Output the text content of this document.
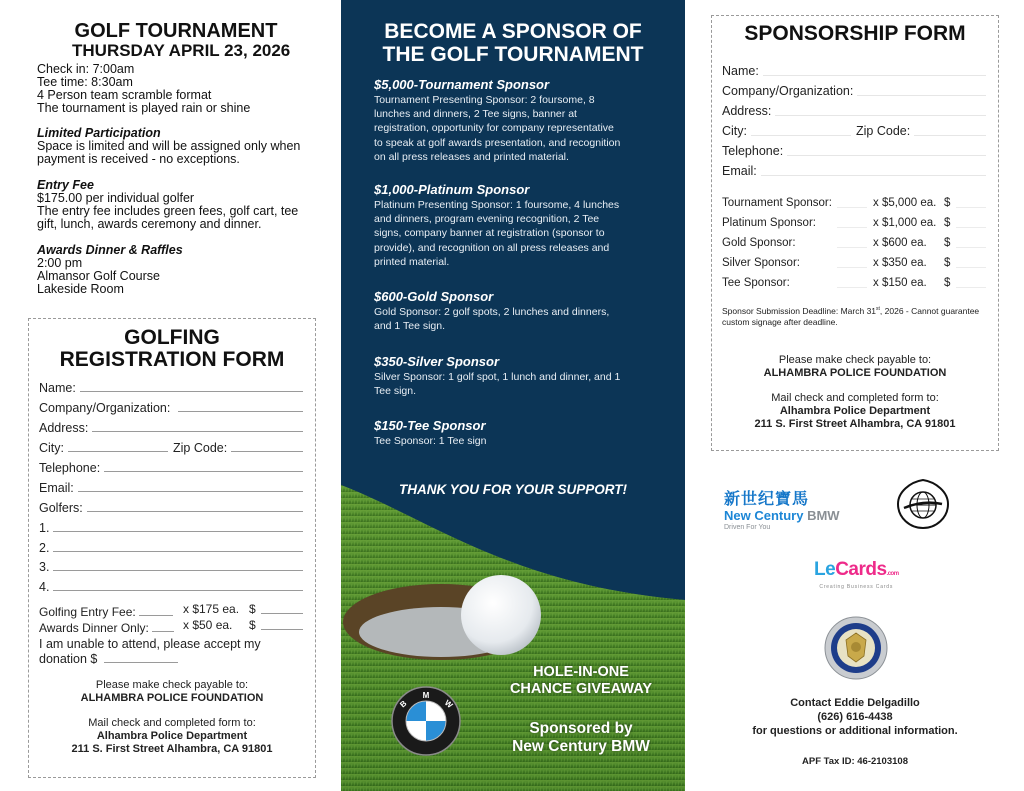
GOLF TOURNAMENT
THURSDAY APRIL 23, 2026
Check in: 7:00am
Tee time: 8:30am
4 Person team scramble format
The tournament is played rain or shine
Limited Participation
Space is limited and will be assigned only when
payment is received - no exceptions.
Entry Fee
$175.00 per individual golfer
The entry fee includes green fees, golf cart, tee
gift, lunch, awards ceremony and dinner.
Awards Dinner & Raffles
2:00 pm
Almansor Golf Course
Lakeside Room
GOLFING
REGISTRATION FORM
Name:
Company/Organization:
Address:
City:	Zip Code:
Telephone:
Email:
Golfers:
1.
2.
3.
4.
Golfing Entry Fee:	x $175 ea. $
Awards Dinner Only:	x $50 ea. $
I am unable to attend, please accept my
donation $
Please make check payable to:
ALHAMBRA POLICE FOUNDATION
Mail check and completed form to:
Alhambra Police Department
211 S. First Street Alhambra, CA 91801
BECOME A SPONSOR OF
THE GOLF TOURNAMENT
$5,000-Tournament Sponsor
Tournament Presenting Sponsor: 2 foursome, 8
lunches and dinners, 2 Tee signs, banner at
registration, opportunity for company representative
to speak at golf awards presentation, and recognition
on all press releases and printed material.
$1,000-Platinum Sponsor
Platinum Presenting Sponsor: 1 foursome, 4 lunches
and dinners, program evening recognition, 2 Tee
signs, company banner at registration (sponsor to
provide), and recognition on all press releases and
printed material.
$600-Gold Sponsor
Gold Sponsor: 2 golf spots, 2 lunches and dinners,
and 1 Tee sign.
$350-Silver Sponsor
Silver Sponsor: 1 golf spot, 1 lunch and dinner, and 1
Tee sign.
$150-Tee Sponsor
Tee Sponsor: 1 Tee sign
THANK YOU FOR YOUR SUPPORT!
M
B	W
HOLE-IN-ONE
CHANCE GIVEAWAY
Sponsored by
New Century BMW
SPONSORSHIP FORM
Name:
Company/Organization:
Address:
City:	Zip Code:
Telephone:
Email:
Tournament Sponsor:	x $5,000 ea. $
Platinum Sponsor:	x $1,000 ea. $
Gold Sponsor:	x $600 ea. $
Silver Sponsor:	x $350 ea. $
Tee Sponsor:	x $150 ea. $
Sponsor Submission Deadline: March 31st, 2026 - Cannot guarantee custom signage after deadline.
Please make check payable to:
ALHAMBRA POLICE FOUNDATION
Mail check and completed form to:
Alhambra Police Department
211 S. First Street Alhambra, CA 91801
新世纪寶馬
New Century BMW
Driven For You
LeCards.com
Creating Business Cards
Contact Eddie Delgadillo
(626) 616-4438
for questions or additional information.
APF Tax ID: 46-2103108
